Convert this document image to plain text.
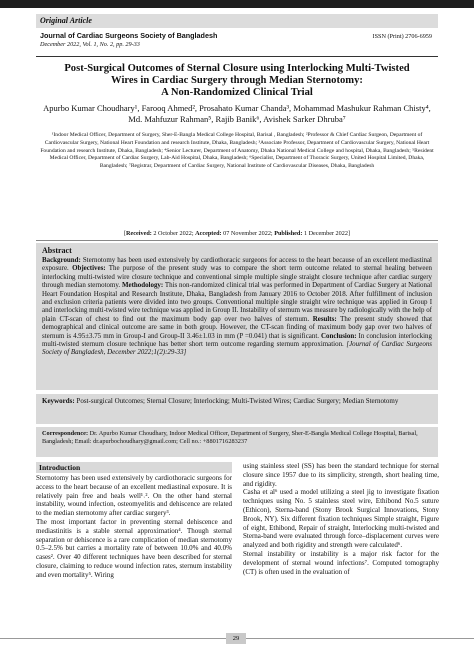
Original Article
Journal of Cardiac Surgeons Society of Bangladesh
December 2022, Vol. 1, No. 2, pp. 29-33
ISSN (Print) 2706-6959
Post-Surgical Outcomes of Sternal Closure using Interlocking Multi-Twisted
Wires in Cardiac Surgery through Median Sternotomy:
A Non-Randomized Clinical Trial
Apurbo Kumar Choudhary¹, Farooq Ahmed², Prosahato Kumar Chanda³, Mohammad Mashukur Rahman Chisty⁴,
Md. Mahfuzur Rahman⁵, Rajib Banik⁶, Avishek Sarker Dhruba⁷
¹Indoor Medical Officer, Department of Surgery, Sher-E-Bangla Medical College Hospital, Barisal , Bangladesh; ²Professor & Chief Cardiac Surgeon, Department of Cardiovascular Surgery, National Heart Foundation and research Institute, Dhaka, Bangladesh; ³Associate Professor, Department of Cardiovascular Surgery, National Heart Foundation and research Institute, Dhaka, Bangladesh; ⁴Senior Lecturer, Department of Anatomy, Dhaka National Medical College and hospital, Dhaka, Bangladesh; ⁵Resident Medical Officer, Department of Cardiac Surgery, Lab-Aid Hospital, Dhaka, Bangladesh; ⁶Specialist, Department of Thoracic Surgery, United Hospital Limited, Dhaka, Bangladesh; ⁷Registrar, Department of Cardiac Surgery, National Institute of Cardiovascular Diseases, Dhaka, Bangladesh
[Received: 2 October 2022; Accepted: 07 November 2022; Published: 1 December 2022]
Abstract
Background: Sternotomy has been used extensively by cardiothoracic surgeons for access to the heart because of an excellent mediastinal exposure. Objectives: The purpose of the present study was to compare the short term outcome related to sternal healing between interlocking multi-twisted wire closure technique and conventional simple multiple single straight closure technique after cardiac surgery through median sternotomy. Methodology: This non-randomized clinical trial was performed in Department of Cardiac Surgery at National Heart Foundation Hospital and Research Institute, Dhaka, Bangladesh from January 2016 to October 2018. After fulfillment of inclusion and exclusion criteria patients were divided into two groups. Conventional multiple single straight wire technique was applied in Group I and interlocking multi-twisted wire technique was applied in Group II. Instability of sternum was measure by radiologically with the help of plain CT-scan of chest to find out the maximum body gap over two halves of sternum. Results: The present study showed that demographical and clinical outcome are same in both group. However, the CT-scan finding of maximum body gap over two halves of sternum is 4.95±3.75 mm in Group-I and Group-II 3.46±1.03 in mm (P =0.041) that is significant. Conclusion: In conclusion interlocking multi-twisted sternum closure technique has better short term outcome regarding sternum approximation. [Journal of Cardiac Surgeons Society of Bangladesh, December 2022;1(2):29-33]
Keywords: Post-surgical Outcomes; Sternal Closure; Interlocking; Multi-Twisted Wires; Cardiac Surgery; Median Sternotomy
Correspondence: Dr. Apurbo Kumar Choudhary, Indoor Medical Officer, Department of Surgery, Sher-E-Bangla Medical College Hospital, Barisal, Bangladesh; Email: dr.apurbochoudhary@gmail.com; Cell no.: +8801716283237
Introduction

Sternotomy has been used extensively by cardiothoracic surgeons for access to the heart because of an excellent mediastinal exposure. It is relatively pain free and heals well¹˒². On the other hand sternal instability, wound infection, osteomyelitis and dehiscence are related to the median sternotomy after cardiac surgery³.

The most important factor in preventing sternal dehiscence and mediastinitis is a stable sternal approximation⁴. Though sternal separation or dehiscence is a rare complication of median sternotomy 0.5–2.5% but carries a mortality rate of between 10.0% and 40.0% cases². Over 40 different techniques have been described for sternal closure, claiming to reduce wound infection rates, sternum instability and even mortality⁵. Wiring

using stainless steel (SS) has been the standard technique for sternal closure since 1957 due to its simplicity, strength, short healing time, and rigidity.

Casha et al⁶ used a model utilizing a steel jig to investigate fixation techniques using No. 5 stainless steel wire, Ethibond No.5 suture (Ethicon), Sterna-band (Stony Brook Surgical Innovations, Stony Brook, NY). Six different fixation techniques Simple straight, Figure of eight, Ethibond, Repair of straight, Interlocking multi-twisted and Sterna-band were evaluated through force–displacement curves were analyzed and both rigidity and strength were calculated⁶.

Sternal instability or instability is a major risk factor for the development of sternal wound infections⁷. Computed tomography (CT) is often used in the evaluation of

29
